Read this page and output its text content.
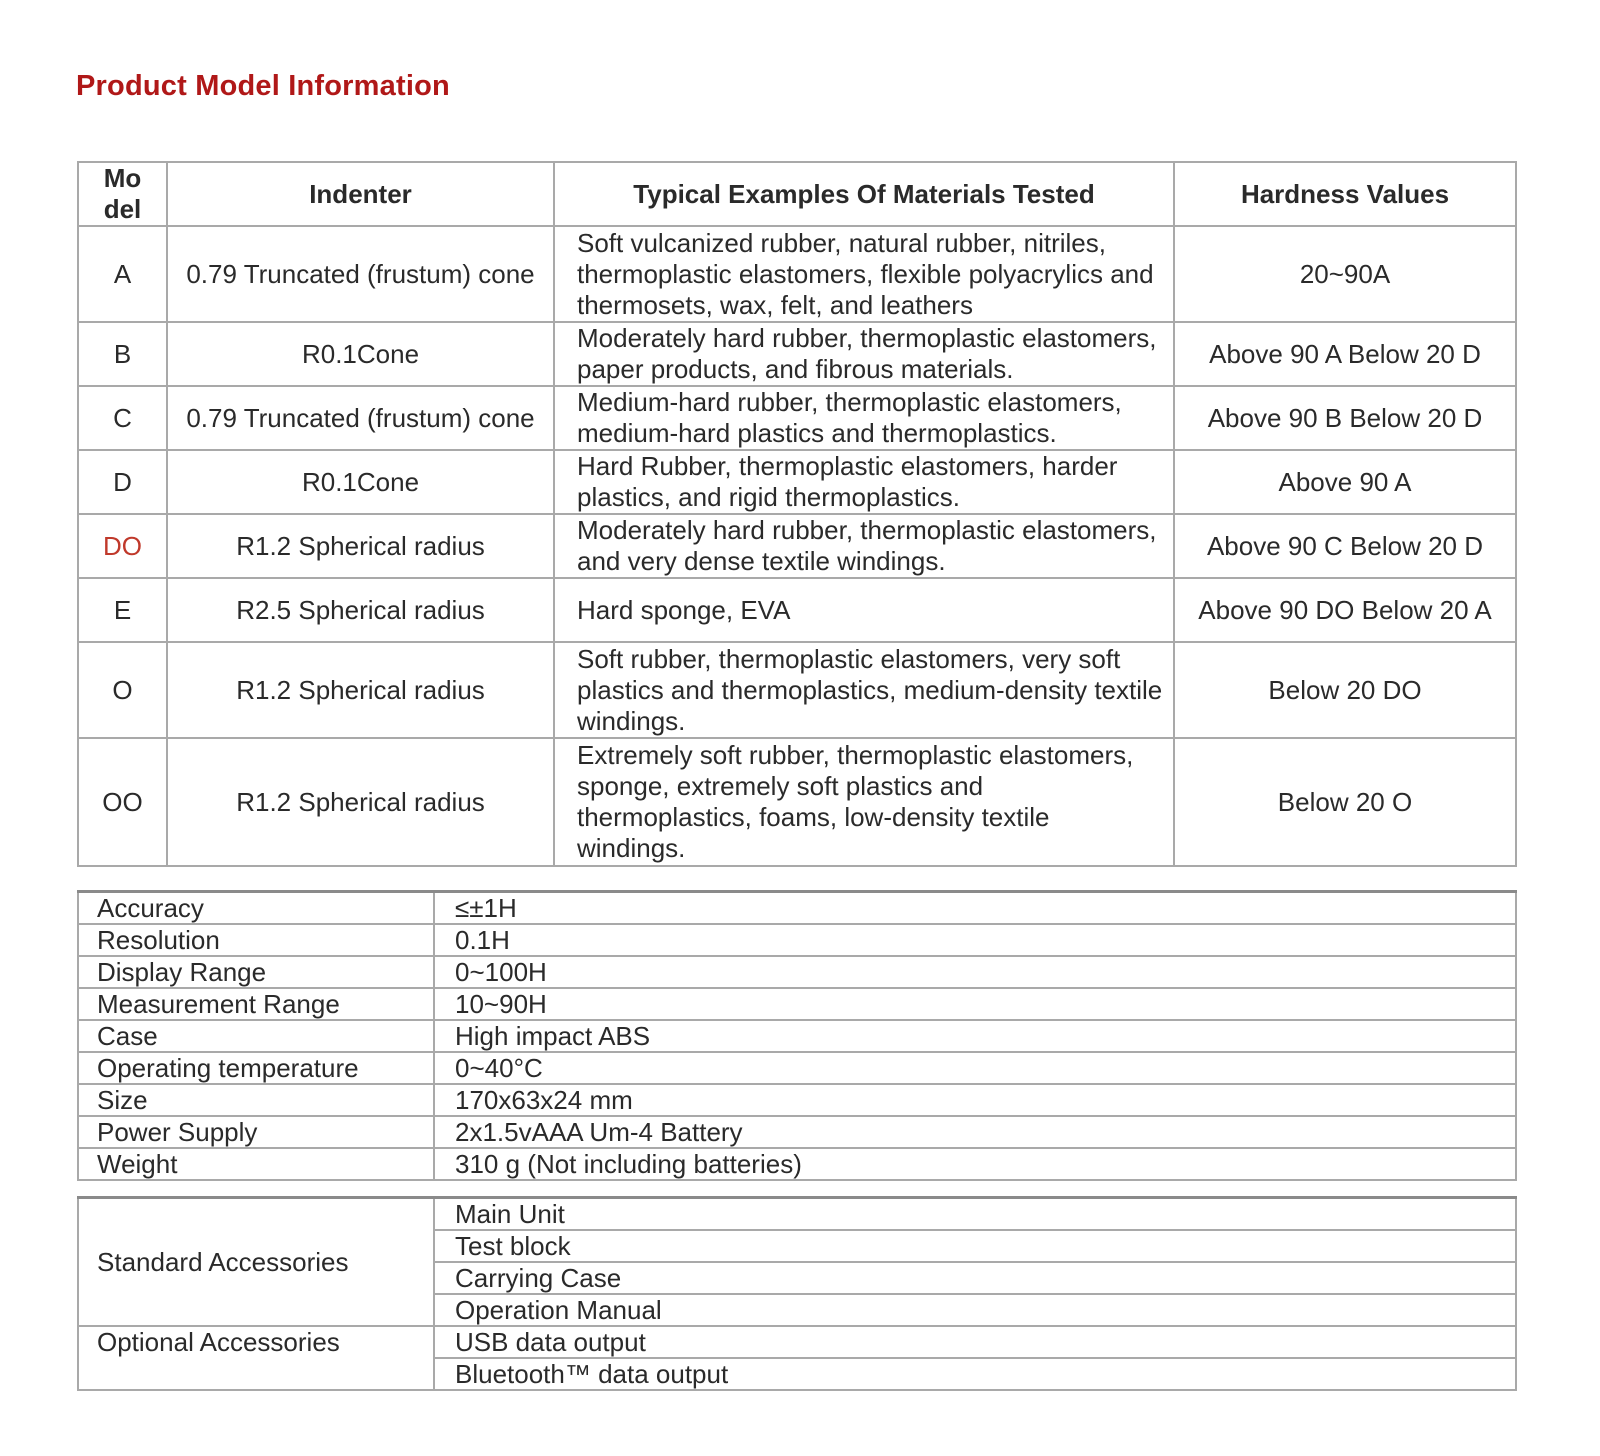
Product Model Information
Mo del	Indenter	Typical Examples Of Materials Tested	Hardness Values
A	0.79 Truncated (frustum) cone	Soft vulcanized rubber, natural rubber, nitriles, thermoplastic elastomers, flexible polyacrylics and thermosets, wax, felt, and leathers	20~90A
B	R0.1Cone	Moderately hard rubber, thermoplastic elastomers, paper products, and fibrous materials.	Above 90 A Below 20 D
C	0.79 Truncated (frustum) cone	Medium-hard rubber, thermoplastic elastomers, medium-hard plastics and thermoplastics.	Above 90 B Below 20 D
D	R0.1Cone	Hard Rubber, thermoplastic elastomers, harder plastics, and rigid thermoplastics.	Above 90 A
DO	R1.2 Spherical radius	Moderately hard rubber, thermoplastic elastomers, and very dense textile windings.	Above 90 C Below 20 D
E	R2.5 Spherical radius	Hard sponge, EVA	Above 90 DO Below 20 A
O	R1.2 Spherical radius	Soft rubber, thermoplastic elastomers, very soft plastics and thermoplastics, medium-density textile windings.	Below 20 DO
OO	R1.2 Spherical radius	Extremely soft rubber, thermoplastic elastomers, sponge, extremely soft plastics and thermoplastics, foams, low-density textile windings.	Below 20 O
Accuracy	≤±1H
Resolution	0.1H
Display Range	0~100H
Measurement Range	10~90H
Case	High impact ABS
Operating temperature	0~40°C
Size	170x63x24 mm
Power Supply	2x1.5vAAA Um-4 Battery
Weight	310 g (Not including batteries)
Standard Accessories	Main Unit
	Test block
	Carrying Case
	Operation Manual
Optional Accessories	USB data output
	Bluetooth™ data output
